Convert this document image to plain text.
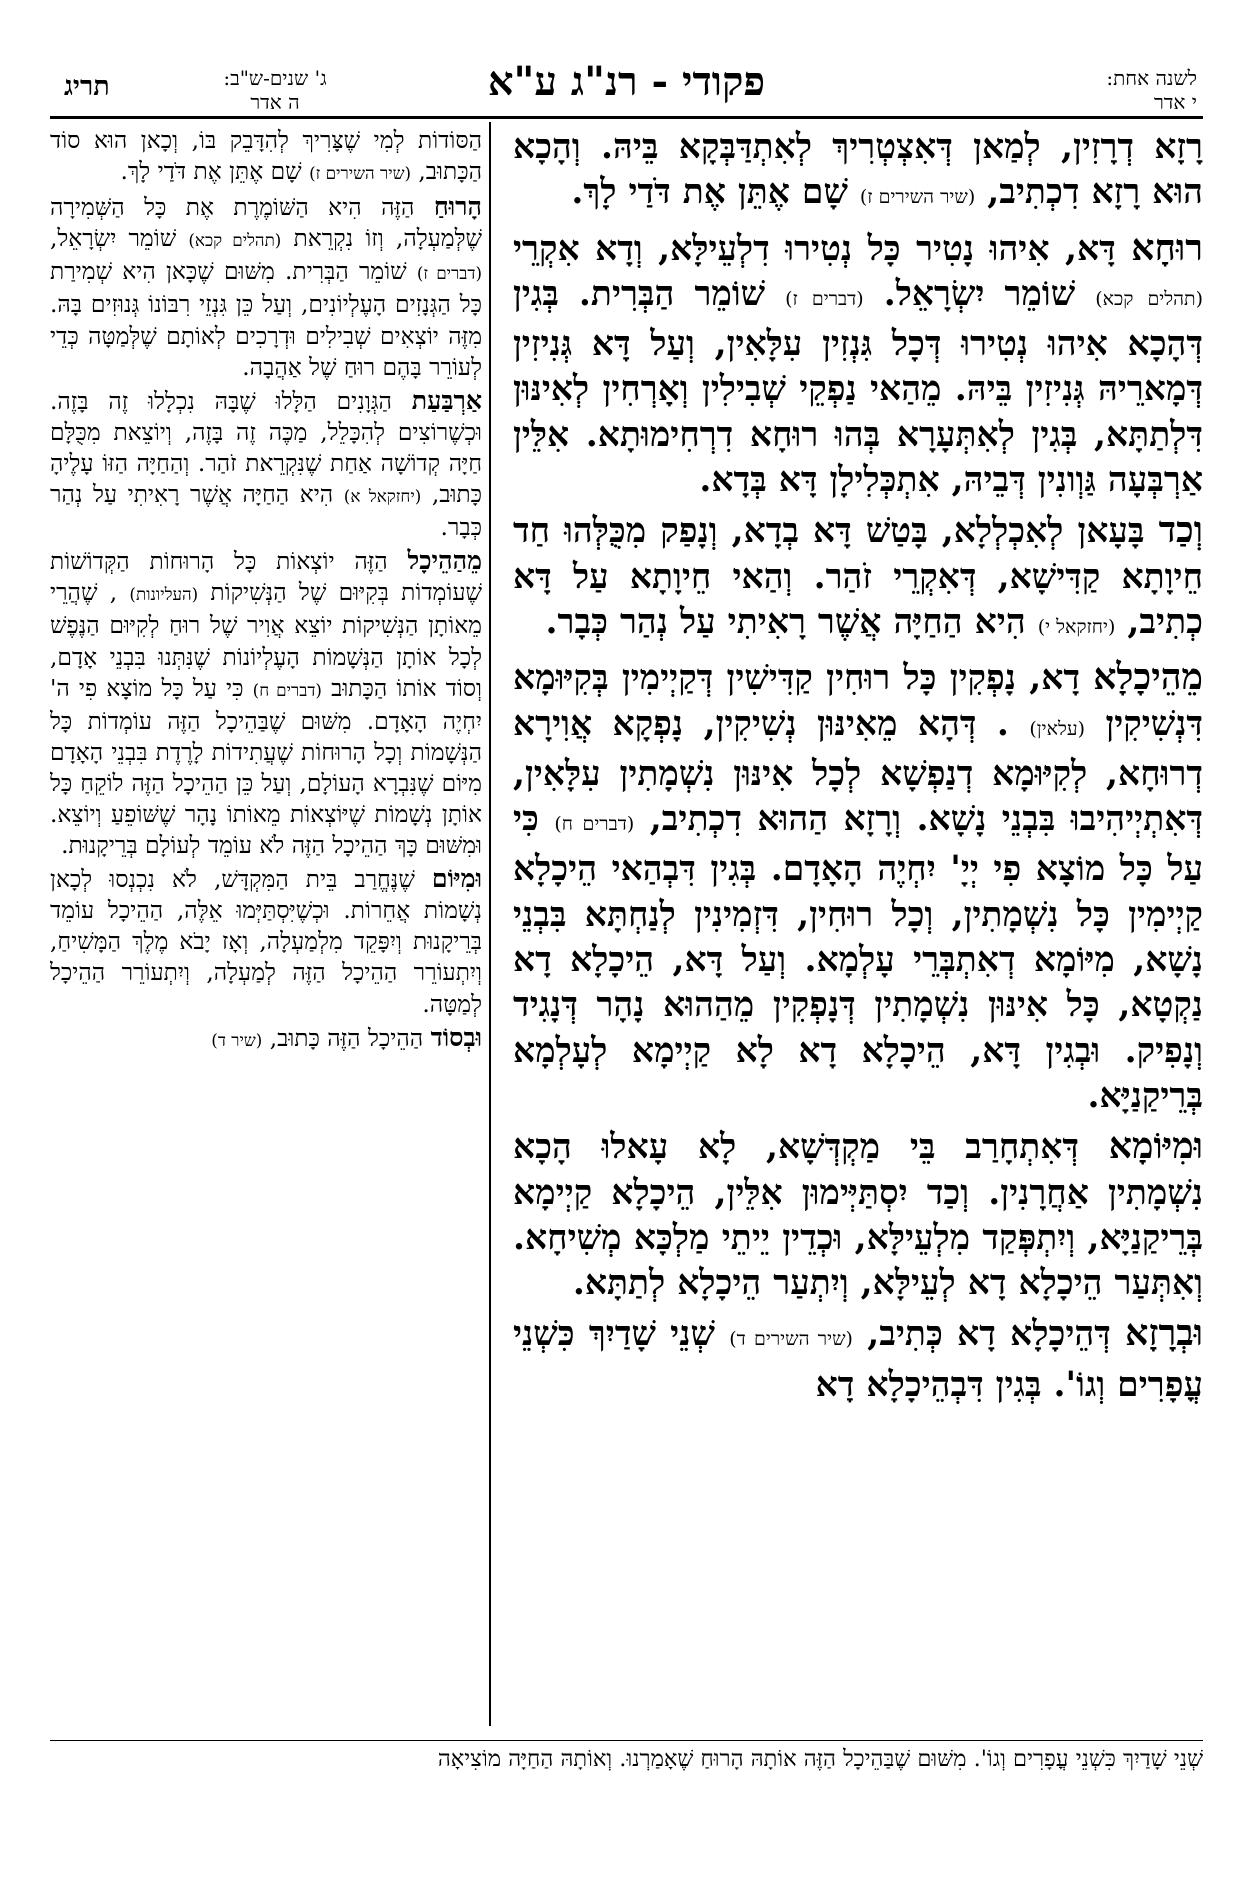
תריג	ג' שנים-ש"ב:
ה אדר	פקודי - רנ"ג ע"א	לשנה אחת:
י אדר

רָזָא דְרָזִין, לְמַאן דְּאִצְטְרִיךְ לְאִתְדַּבְּקָא בֵּיהּ. וְהָכָא הוּא רָזָא דִכְתִיב, (שיר השירים ז) שָׁם אֶתֵּן אֶת דֹּדַי לָךְ.

רוּחָא דָּא, אִיהוּ נָטִיר כָּל נְטִירוּ דִלְעֵילָּא, וְדָא אִקְרֵי (תהלים קכא) שׁוֹמֵר יִשְׂרָאֵל. (דברים ז) שׁוֹמֵר הַבְּרִית. בְּגִין דְּהָכָא אִיהוּ נְטִירוּ דְּכָל גִּנְזִין עִלָּאִין, וְעַל דָּא גְּנִיזִין דְּמָארֵיהּ גְּנִיזִין בֵּיהּ. מֵהַאי נַפְקֵי שְׁבִילִין וְאָרְחִין לְאִינּוּן דִּלְתַתָּא, בְּגִין לְאִתְּעָרָא בְּהוּ רוּחָא דִרְחִימוּתָא. אִלֵּין אַרְבְּעָה גַּוְונִין דְּבֵיהּ, אִתְכְּלִילָן דָּא בְּדָא.

וְכַד בָּעָאן לְאִכְלְלָא, בָּטַשׁ דָּא בְדָא, וְנָפַק מִכֻּלְּהוּ חַד חֵיוָתָא קַדִּישָׁא, דְּאִקְרֵי זֹהַר. וְהַאי חֵיוָתָא עַל דָּא כְתִיב, (יחזקאל י) הִיא הַחַיָּה אֲשֶׁר רָאִיתִי עַל נְהַר כְּבָר.

מֵהֵיכָלָא דָא, נָפְקִין כָּל רוּחִין קַדִּישִׁין דְּקַיְימִין בְּקִיּוּמָא דִּנְשִׁיקִין (עלאין) . דְּהָא מֵאִינּוּן נְשִׁיקִין, נָפְקָא אֲוִירָא דְרוּחָא, לְקִיּוּמָא דְנַפְשָׁא לְכָל אִינּוּן נִשְׁמָתִין עִלָּאִין, דְּאִתְיְיהִיבוּ בִּבְנֵי נָשָׁא. וְרָזָא הַהוּא דִכְתִיב, (דברים ח) כִּי עַל כָּל מוֹצָא פִי יְיָ' יִחְיֶה הָאָדָם. בְּגִין דִּבְהַאי הֵיכָלָא קַיְימִין כָּל נִשְׁמָתִין, וְכָל רוּחִין, דִּזְמִינִין לְנַחְתָּא בִּבְנֵי נָשָׁא, מִיּוֹמָא דְאִתְבְּרֵי עָלְמָא. וְעַל דָּא, הֵיכָלָא דָא נַקְטָא, כָּל אִינּוּן נִשְׁמָתִין דְּנָפְקִין מֵהַהוּא נָהָר דְּנָגִיד וְנָפִיק. וּבְגִין דָּא, הֵיכָלָא דָא לָא קַיְימָא לְעָלְמָא בְּרֵיקַנַיָּא.

וּמִיּוֹמָא דְּאִתְחָרַב בֵּי מַקְדְּשָׁא, לָא עָאלוּ הָכָא נִשְׁמָתִין אַחֲרָנִין. וְכַד יִסְתַּיְּימוּן אִלֵּין, הֵיכָלָא קַיְימָא בְּרֵיקַנַיָּא, וְיִתְפְּקַד מִלְעֵילָּא, וּכְדֵין יֵיתֵי מַלְכָּא מְשִׁיחָא. וְאִתְּעַר הֵיכָלָא דָא לְעֵילָּא, וְיִתְעַר הֵיכָלָא לְתַתָּא.

וּבְרָזָא דְּהֵיכָלָא דָא כְּתִיב, (שיר השירים ד) שְׁנֵי שָׁדַיִךְ כִּשְׁנֵי עֳפָרִים וְגוֹ'. בְּגִין דִּבְהֵיכָלָא דָא

הַסּוֹדוֹת לְמִי שֶׁצָּרִיךְ לְהִדָּבֵק בּוֹ, וְכָאן הוּא סוֹד הַכָּתוּב, (שיר השירים ז) שָׁם אֶתֵּן אֶת דֹּדַי לָךְ.

הָרוּחַ הַזֶּה הִיא הַשּׁוֹמֶרֶת אֶת כָּל הַשְּׁמִירָה שֶׁלְּמַעְלָה, וְזוֹ נִקְרֵאת (תהלים קכא) שׁוֹמֵר יִשְׂרָאֵל, (דברים ז) שׁוֹמֵר הַבְּרִית. מִשּׁוּם שֶׁכָּאן הִיא שְׁמִירַת כָּל הַגְּנָזִים הָעֶלְיוֹנִים, וְעַל כֵּן גִּנְזֵי רִבּוֹנוֹ גְּנוּזִים בָּהּ. מִזֶּה יוֹצְאִים שְׁבִילִים וּדְרָכִים לְאוֹתָם שֶׁלְּמַטָּה כְּדֵי לְעוֹרֵר בָּהֶם רוּחַ שֶׁל אַהֲבָה.

אַרְבַּעַת הַגְּוָנִים הַלָּלוּ שֶׁבָּהּ נִכְלָלוּ זֶה בָּזֶה. וּכְשֶׁרוֹצִים לְהִכָּלֵל, מַכֶּה זֶה בָּזֶה, וְיוֹצֵאת מִכֻּלָּם חַיָּה קְדוֹשָׁה אַחַת שֶׁנִּקְרֵאת זֹהַר. וְהַחַיָּה הַזּוֹ עָלֶיהָ כָּתוּב, (יחזקאל א) הִיא הַחַיָּה אֲשֶׁר רָאִיתִי עַל נְהַר כְּבָר.

מֵהַהֵיכָל הַזֶּה יוֹצְאוֹת כָּל הָרוּחוֹת הַקְּדוֹשׁוֹת שֶׁעוֹמְדוֹת בְּקִיּוּם שֶׁל הַנְּשִׁיקוֹת (העליונות) , שֶׁהֲרֵי מֵאוֹתָן הַנְּשִׁיקוֹת יוֹצֵא אֲוִיר שֶׁל רוּחַ לְקִיּוּם הַנֶּפֶשׁ לְכָל אוֹתָן הַנְּשָׁמוֹת הָעֶלְיוֹנוֹת שֶׁנִּתְּנוּ בִּבְנֵי אָדָם, וְסוֹד אוֹתוֹ הַכָּתוּב (דברים ח) כִּי עַל כָּל מוֹצָא פִי ה' יִחְיֶה הָאָדָם. מִשּׁוּם שֶׁבַּהֵיכָל הַזֶּה עוֹמְדוֹת כָּל הַנְּשָׁמוֹת וְכָל הָרוּחוֹת שֶׁעֲתִידוֹת לָרֶדֶת בִּבְנֵי הָאָדָם מִיּוֹם שֶׁנִּבְרָא הָעוֹלָם, וְעַל כֵּן הַהֵיכָל הַזֶּה לוֹקֵחַ כָּל אוֹתָן נְשָׁמוֹת שֶׁיּוֹצְאוֹת מֵאוֹתוֹ נָהָר שֶׁשּׁוֹפֵעַ וְיוֹצֵא. וּמִשּׁוּם כָּךְ הַהֵיכָל הַזֶּה לֹא עוֹמֵד לְעוֹלָם בְּרֵיקָנוּת.

וּמִיּוֹם שֶׁנֶּחֱרַב בֵּית הַמִּקְדָּשׁ, לֹא נִכְנְסוּ לְכָאן נְשָׁמוֹת אֲחֵרוֹת. וּכְשֶׁיִּסְתַּיְּמוּ אֵלֶּה, הַהֵיכָל עוֹמֵד בְּרֵיקָנוּת וְיִפָּקֵד מִלְמַעְלָה, וְאָז יָבֹא מֶלֶךְ הַמָּשִׁיחַ, וְיִתְעוֹרֵר הַהֵיכָל הַזֶּה לְמַעְלָה, וְיִתְעוֹרֵר הַהֵיכָל לְמַטָּה.

וּבְסוֹד הַהֵיכָל הַזֶּה כָּתוּב, (שיר ד)

שְׁנֵי שָׁדַיִךְ כִּשְׁנֵי עֳפָרִים וְגוֹ'. מִשּׁוּם שֶׁבַּהֵיכָל הַזֶּה אוֹתָהּ הָרוּחַ שֶׁאָמַרְנוּ. וְאוֹתָהּ הַחַיָּה מוֹצִיאָה
